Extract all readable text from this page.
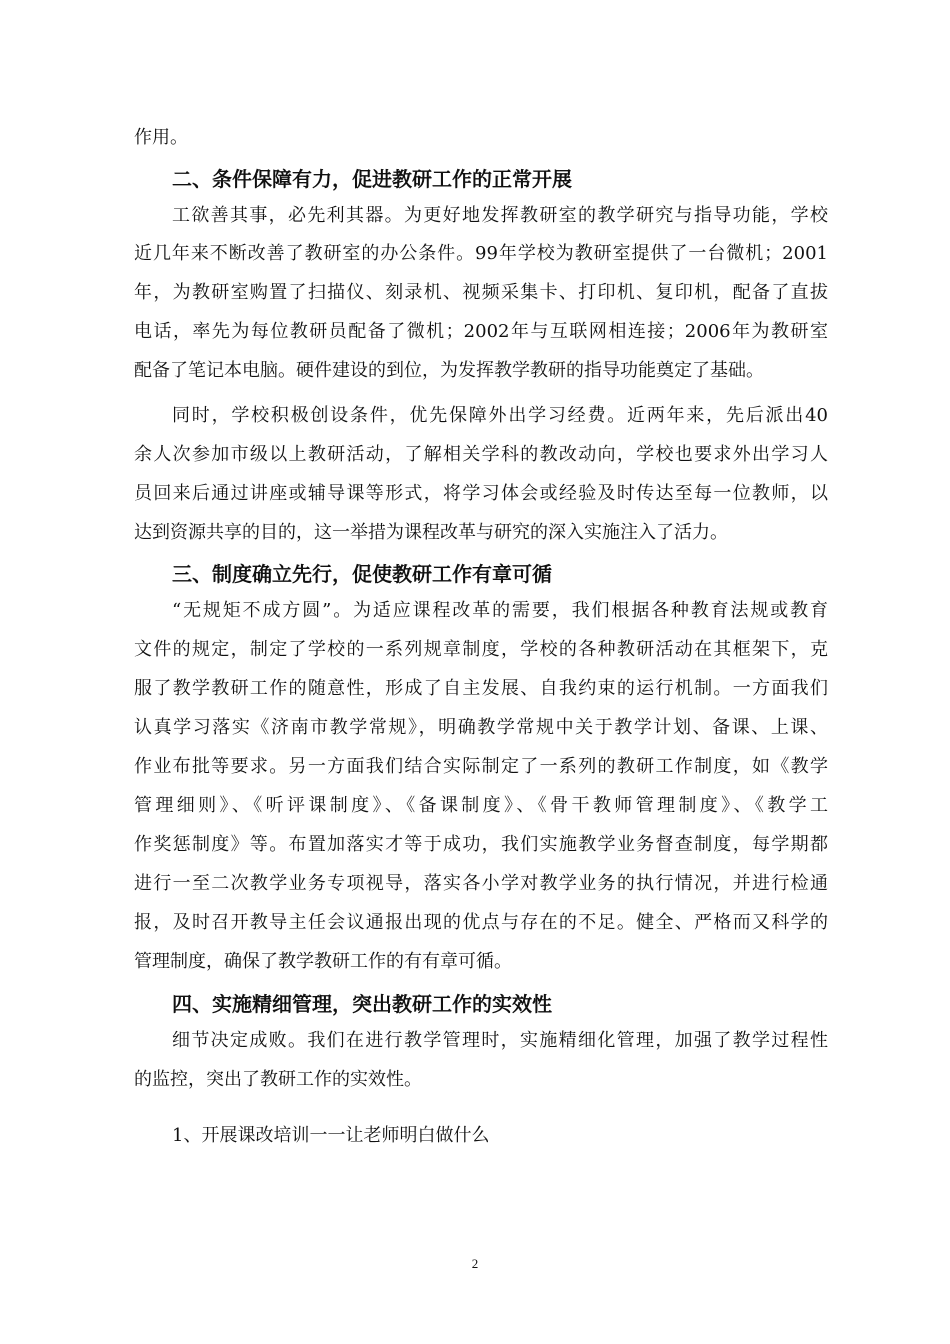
作用。
二、条件保障有力，促进教研工作的正常开展
工欲善其事，必先利其器。为更好地发挥教研室的教学研究与指导功能，学校
近几年来不断改善了教研室的办公条件。99年学校为教研室提供了一台微机；2001
年，为教研室购置了扫描仪、刻录机、视频采集卡、打印机、复印机，配备了直拔
电话，率先为每位教研员配备了微机；2002年与互联网相连接；2006年为教研室
配备了笔记本电脑。硬件建设的到位，为发挥教学教研的指导功能奠定了基础。
同时，学校积极创设条件，优先保障外出学习经费。近两年来，先后派出40
余人次参加市级以上教研活动，了解相关学科的教改动向，学校也要求外出学习人
员回来后通过讲座或辅导课等形式，将学习体会或经验及时传达至每一位教师，以
达到资源共享的目的，这一举措为课程改革与研究的深入实施注入了活力。
三、制度确立先行，促使教研工作有章可循
“无规矩不成方圆”。为适应课程改革的需要，我们根据各种教育法规或教育
文件的规定，制定了学校的一系列规章制度，学校的各种教研活动在其框架下，克
服了教学教研工作的随意性，形成了自主发展、自我约束的运行机制。一方面我们
认真学习落实《济南市教学常规》，明确教学常规中关于教学计划、备课、上课、
作业布批等要求。另一方面我们结合实际制定了一系列的教研工作制度，如《教学
管理细则》、《听评课制度》、《备课制度》、《骨干教师管理制度》、《教学工
作奖惩制度》等。布置加落实才等于成功，我们实施教学业务督查制度，每学期都
进行一至二次教学业务专项视导，落实各小学对教学业务的执行情况，并进行检通
报，及时召开教导主任会议通报出现的优点与存在的不足。健全、严格而又科学的
管理制度，确保了教学教研工作的有有章可循。
四、实施精细管理，突出教研工作的实效性
细节决定成败。我们在进行教学管理时，实施精细化管理，加强了教学过程性
的监控，突出了教研工作的实效性。
1、开展课改培训一一让老师明白做什么
2
